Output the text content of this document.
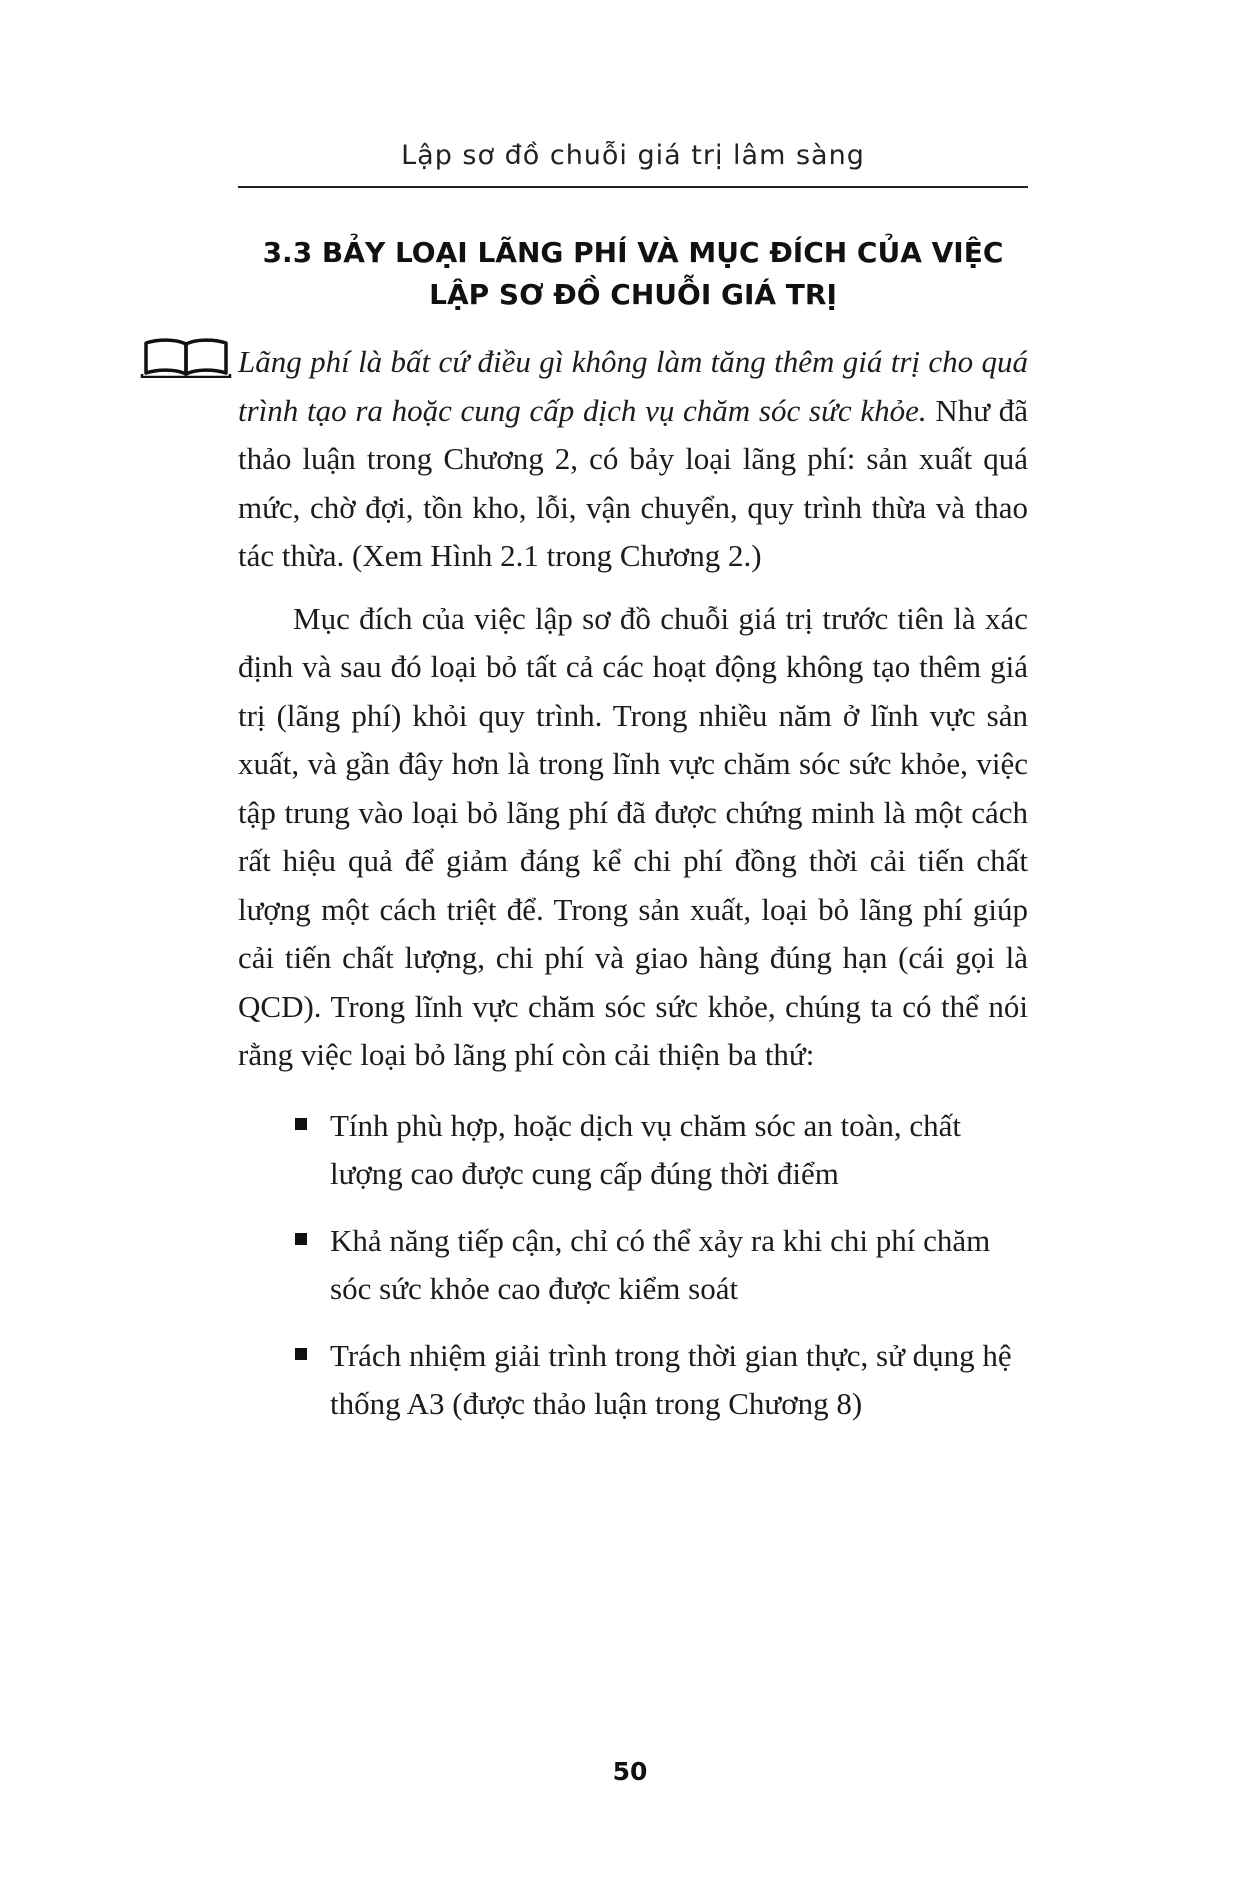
Lập sơ đồ chuỗi giá trị lâm sàng
3.3 BẢY LOẠI LÃNG PHÍ VÀ MỤC ĐÍCH CỦA VIỆC
LẬP SƠ ĐỒ CHUỖI GIÁ TRỊ

Lãng phí là bất cứ điều gì không làm tăng thêm giá trị cho quá trình tạo ra hoặc cung cấp dịch vụ chăm sóc sức khỏe. Như đã thảo luận trong Chương 2, có bảy loại lãng phí: sản xuất quá mức, chờ đợi, tồn kho, lỗi, vận chuyển, quy trình thừa và thao tác thừa. (Xem Hình 2.1 trong Chương 2.)

Mục đích của việc lập sơ đồ chuỗi giá trị trước tiên là xác định và sau đó loại bỏ tất cả các hoạt động không tạo thêm giá trị (lãng phí) khỏi quy trình. Trong nhiều năm ở lĩnh vực sản xuất, và gần đây hơn là trong lĩnh vực chăm sóc sức khỏe, việc tập trung vào loại bỏ lãng phí đã được chứng minh là một cách rất hiệu quả để giảm đáng kể chi phí đồng thời cải tiến chất lượng một cách triệt để. Trong sản xuất, loại bỏ lãng phí giúp cải tiến chất lượng, chi phí và giao hàng đúng hạn (cái gọi là QCD). Trong lĩnh vực chăm sóc sức khỏe, chúng ta có thể nói rằng việc loại bỏ lãng phí còn cải thiện ba thứ:

Tính phù hợp, hoặc dịch vụ chăm sóc an toàn, chất lượng cao được cung cấp đúng thời điểm
Khả năng tiếp cận, chỉ có thể xảy ra khi chi phí chăm sóc sức khỏe cao được kiểm soát
Trách nhiệm giải trình trong thời gian thực, sử dụng hệ thống A3 (được thảo luận trong Chương 8)
50
